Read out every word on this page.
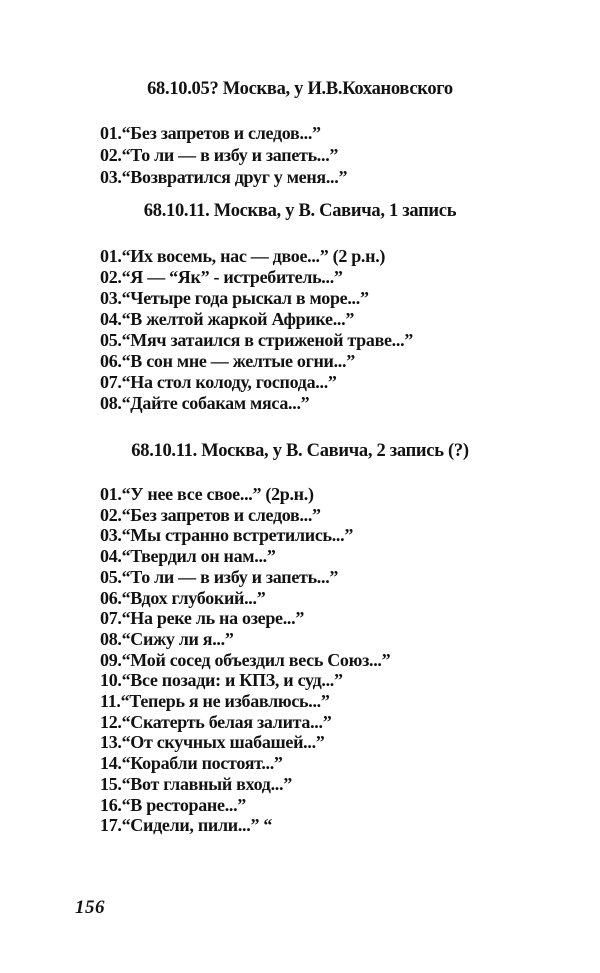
68.10.05? Москва, у И.В.Кохановского
01.“Без запретов и следов...”
02.“То ли — в избу и запеть...”
03.“Возвратился друг у меня...”
68.10.11. Москва, у В. Савича, 1 запись
01.“Их восемь, нас — двое...” (2 р.н.)
02.“Я — “Як” - истребитель...”
03.“Четыре года рыскал в море...”
04.“В желтой жаркой Африке...”
05.“Мяч затаился в стриженой траве...”
06.“В сон мне — желтые огни...”
07.“На стол колоду, господа...”
08.“Дайте собакам мяса...”
68.10.11. Москва, у В. Савича, 2 запись (?)
01.“У нее все свое...” (2р.н.)
02.“Без запретов и следов...”
03.“Мы странно встретились...”
04.“Твердил он нам...”
05.“То ли — в избу и запеть...”
06.“Вдох глубокий...”
07.“На реке ль на озере...”
08.“Сижу ли я...”
09.“Мой сосед объездил весь Союз...”
10.“Все позади: и КПЗ, и суд...”
11.“Теперь я не избавлюсь...”
12.“Скатерть белая залита...”
13.“От скучных шабашей...”
14.“Корабли постоят...”
15.“Вот главный вход...”
16.“В ресторане...”
17.“Сидели, пили...” “
156
